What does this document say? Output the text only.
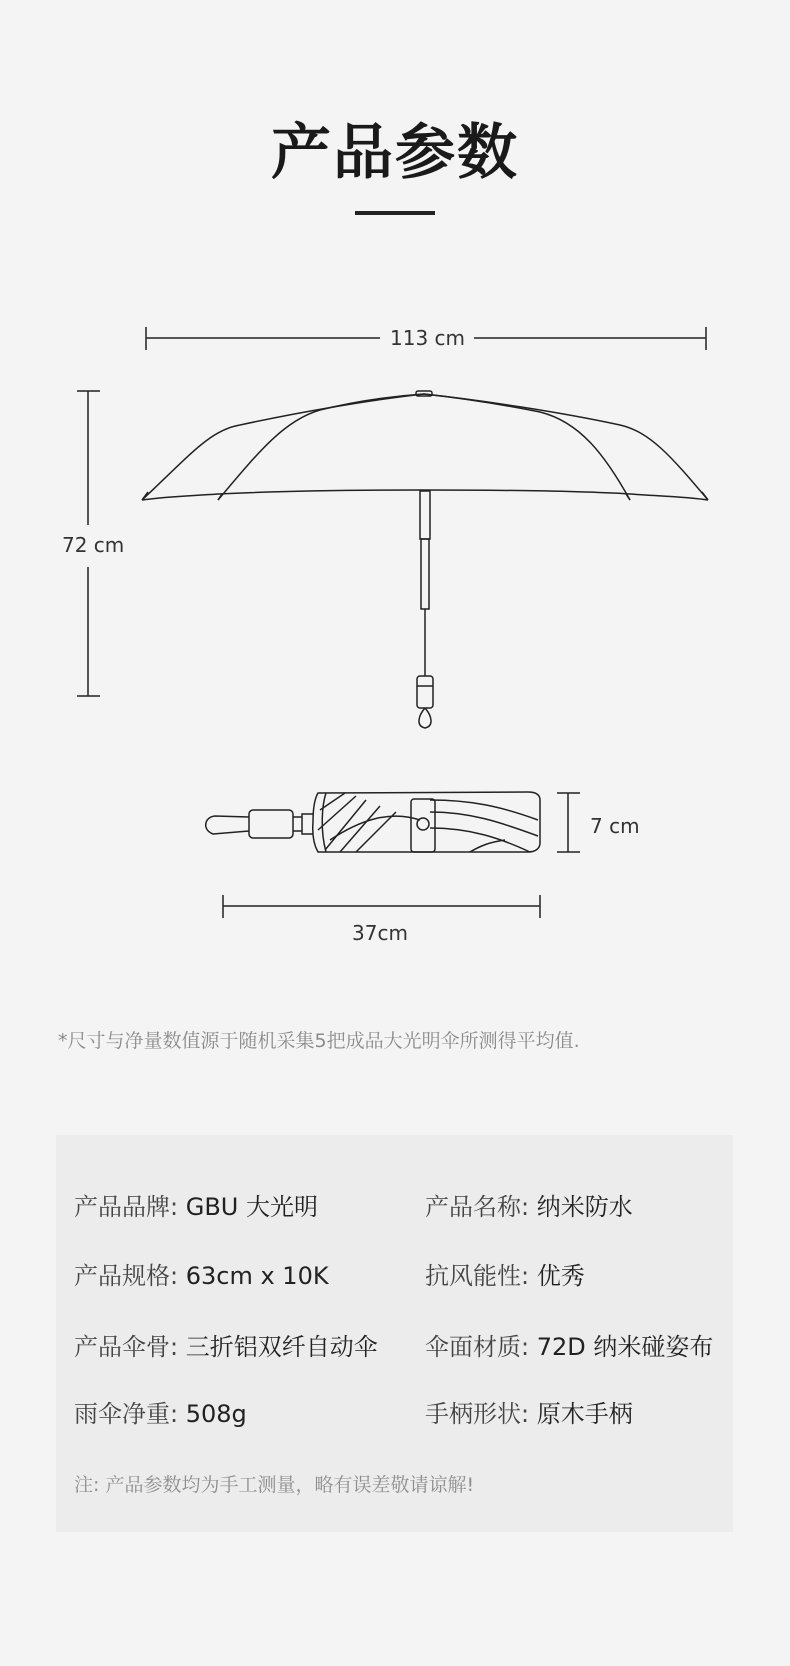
产品参数
113 cm
72 cm
7 cm
37cm
*尺寸与净量数值源于随机采集5把成品大光明伞所测得平均值.
产品品牌: GBU 大光明	产品名称: 纳米防水
产品规格: 63cm x 10K	抗风能性: 优秀
产品伞骨: 三折铝双纤自动伞 伞面材质: 72D 纳米碰姿布
雨伞净重: 508g	手柄形状: 原木手柄
注: 产品参数均为手工测量，略有误差敬请谅解!
